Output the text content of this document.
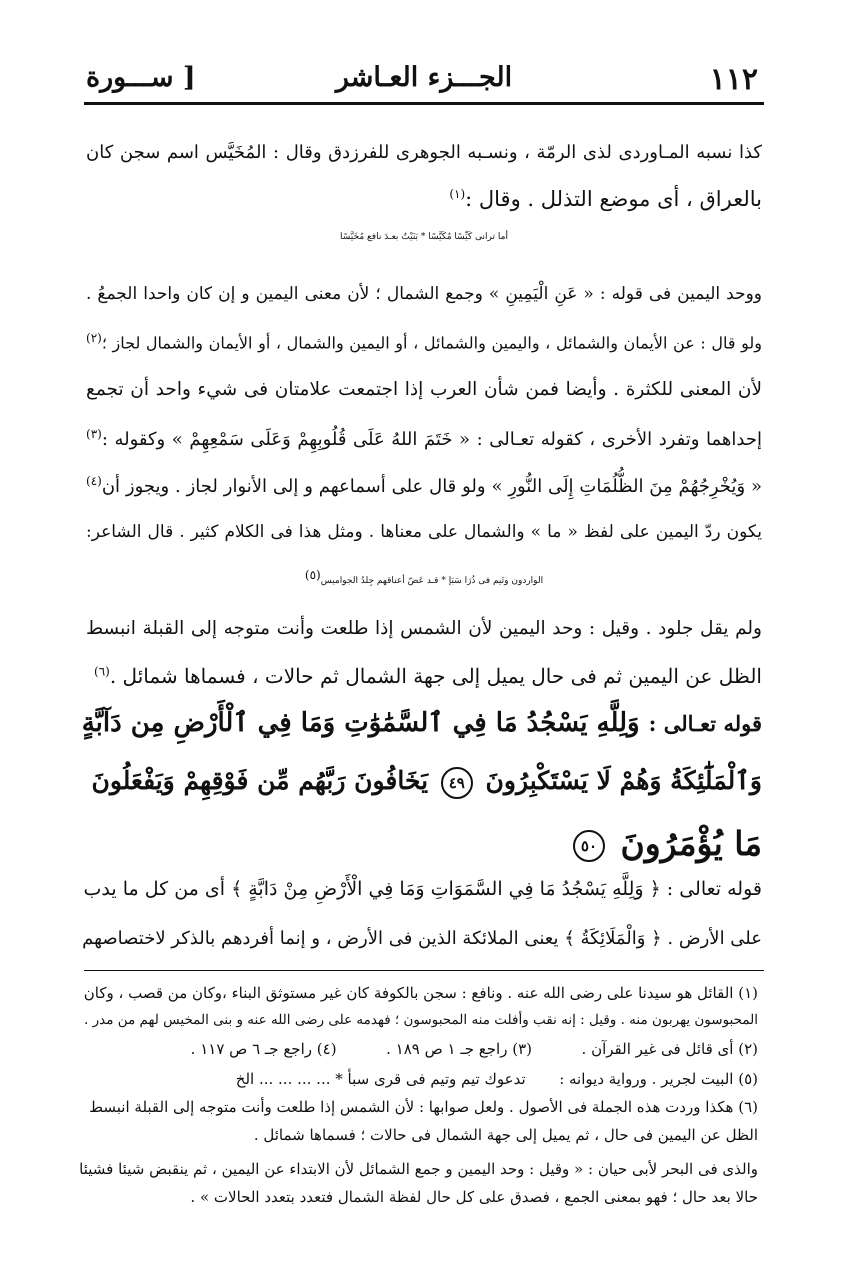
١١٢
الجـــزء العـاشر
[ ســـورة
كذا نسبه المـاوردى لذى الرمّة ، ونسـبه الجوهرى للفرزدق وقال : المُخَيَّس اسم سجن كان
بالعراق ، أى موضع التذلل . وقال :$^{(١)}$
أما ترانى كَيِّسًا مُكَيَّسًا * بَنَيْتُ بعـدَ نافع مُخَيَّسًا
ووحد اليمين فى قوله : « عَنِ الْيَمِينِ » وجمع الشمال ؛ لأن معنى اليمين و إن كان واحدا الجمعُ .
ولو قال : عن الأيمان والشمائل ، واليمين والشمائل ، أو اليمين والشمال ، أو الأيمان والشمال لجاز ؛$^{(٢)}$
لأن المعنى للكثرة . وأيضا فمن شأن العرب إذا اجتمعت علامتان فى شيء واحد أن تجمع
إحداهما وتفرد الأخرى ، كقوله تعـالى : « خَتَمَ اللهُ عَلَى قُلُوبِهِمْ وَعَلَى سَمْعِهِمْ » وكقوله :$^{(٣)}$
« وَيُخْرِجُهُمْ مِنَ الظُّلُمَاتِ إِلَى النُّورِ » ولو قال على أسماعهم و إلى الأنوار لجاز . ويجوز أن$^{(٤)}$
يكون ردّ اليمين على لفظ « ما » والشمال على معناها . ومثل هذا فى الكلام كثير . قال الشاعر:
الواردون وتَيم فى ذُرَا سَبَإ * قـد عَضّ أعناقهم جِلدُ الجواميس(٥)
ولم يقل جلود . وقيل : وحد اليمين لأن الشمس إذا طلعت وأنت متوجه إلى القبلة انبسط
الظل عن اليمين ثم فى حال يميل إلى جهة الشمال ثم حالات ، فسماها شمائل .$^{(٦)}$
قوله تعـالى : وَلِلَّهِ يَسْجُدُ مَا فِي ٱلسَّمَٰوَٰتِ وَمَا فِي ٱلْأَرْضِ مِن دَآبَّةٍ
وَٱلْمَلَٰٓئِكَةُ وَهُمْ لَا يَسْتَكْبِرُونَ ٤٩ يَخَافُونَ رَبَّهُم مِّن فَوْقِهِمْ وَيَفْعَلُونَ
مَا يُؤْمَرُونَ ٥٠
قوله تعالى : ﴿ وَلِلَّهِ يَسْجُدُ مَا فِي السَّمَوَاتِ وَمَا فِي الْأَرْضِ مِنْ دَابَّةٍ ﴾ أى من كل ما يدب
على الأرض . ﴿ وَالْمَلَائِكَةُ ﴾ يعنى الملائكة الذين فى الأرض ، و إنما أفردهم بالذكر لاختصاصهم
(١) القائل هو سيدنا على رضى الله عنه . ونافع : سجن بالكوفة كان غير مستوثق البناء ،وكان من قصب ، وكان
المحبوسون يهربون منه . وقيل : إنه نقب وأفلت منه المحبوسون ؛ فهدمه على رضى الله عنه و بنى المخيس لهم من مدر .
(٢) أى قائل فى غير القرآن .  (٣) راجع جـ ١ ص ١٨٩ .  (٤) راجع جـ ٦ ص ١١٧ .
(٥) البيت لجرير . ورواية ديوانه :  تدعوك تيم وتيم فى قرى سبأ * ... ... ... ... الخ
(٦) هكذا وردت هذه الجملة فى الأصول . ولعل صوابها : لأن الشمس إذا طلعت وأنت متوجه إلى القبلة انبسط
الظل عن اليمين فى حال ، ثم يميل إلى جهة الشمال فى حالات ؛ فسماها شمائل .
والذى فى البحر لأبى حيان : « وقيل : وحد اليمين و جمع الشمائل لأن الابتداء عن اليمين ، ثم ينقبض شيئا فشيئا
حالا بعد حال ؛ فهو بمعنى الجمع ، فصدق على كل حال لفظة الشمال فتعدد بتعدد الحالات » .
